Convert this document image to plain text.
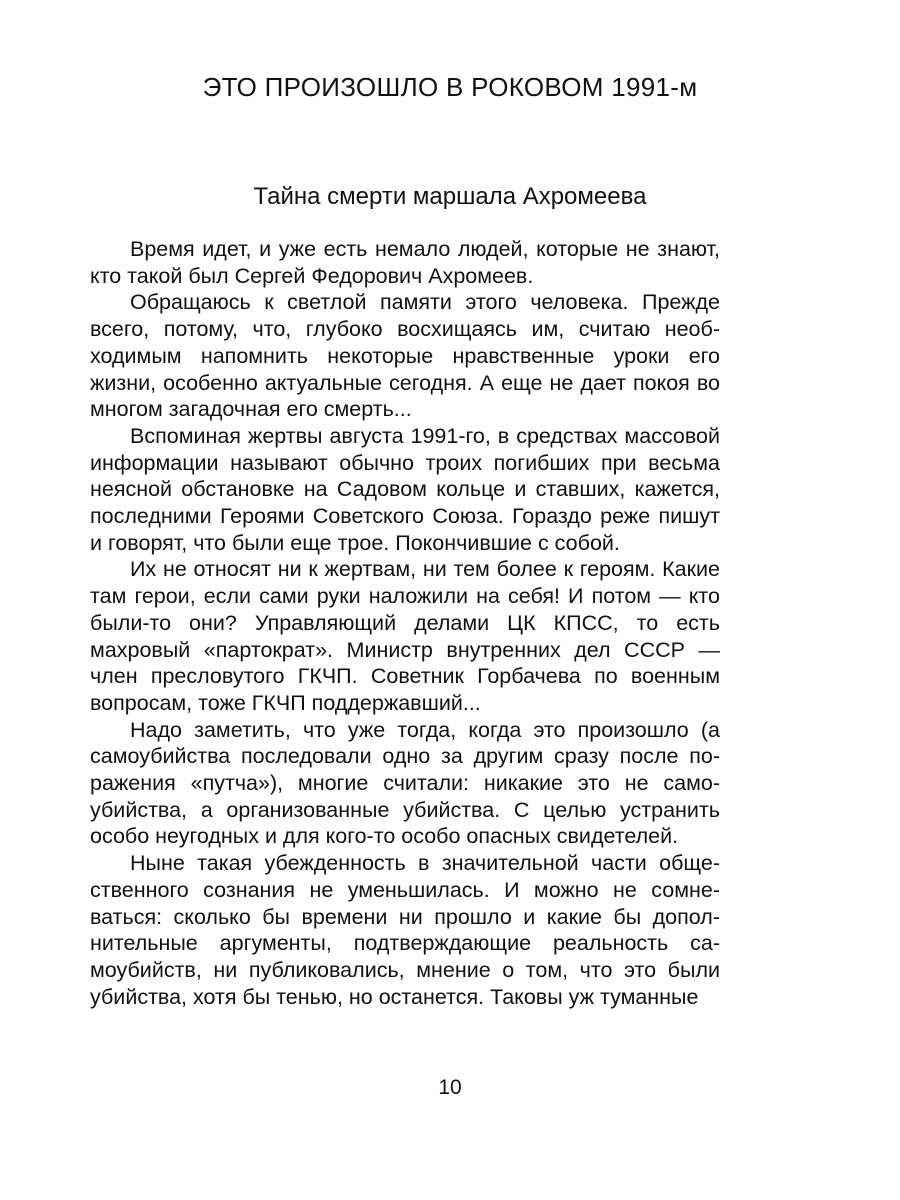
ЭТО ПРОИЗОШЛО В РОКОВОМ 1991-м
Тайна смерти маршала Ахромеева

Время идет, и уже есть немало людей, которые не знают, кто такой был Сергей Федорович Ахромеев.

Обращаюсь к светлой памяти этого человека. Прежде всего, потому, что, глубоко восхищаясь им, считаю необходимым напомнить некоторые нравственные уроки его жизни, особенно актуальные сегодня. А еще не дает покоя во многом загадочная его смерть...

Вспоминая жертвы августа 1991-го, в средствах массовой информации называют обычно троих погибших при весьма неясной обстановке на Садовом кольце и ставших, кажется, последними Героями Советского Союза. Гораздо реже пишут и говорят, что были еще трое. Покончившие с собой.

Их не относят ни к жертвам, ни тем более к героям. Какие там герои, если сами руки наложили на себя! И потом — кто были-то они? Управляющий делами ЦК КПСС, то есть махровый «партократ». Министр внутренних дел СССР — член пресловутого ГКЧП. Советник Горбачева по военным вопросам, тоже ГКЧП поддержавший...

Надо заметить, что уже тогда, когда это произошло (а самоубийства последовали одно за другим сразу после поражения «путча»), многие считали: никакие это не самоубийства, а организованные убийства. С целью устранить особо неугодных и для кого-то особо опасных свидетелей.

Ныне такая убежденность в значительной части общественного сознания не уменьшилась. И можно не сомневаться: сколько бы времени ни прошло и какие бы дополнительные аргументы, подтверждающие реальность самоубийств, ни публиковались, мнение о том, что это были убийства, хотя бы тенью, но останется. Таковы уж туманные

10
